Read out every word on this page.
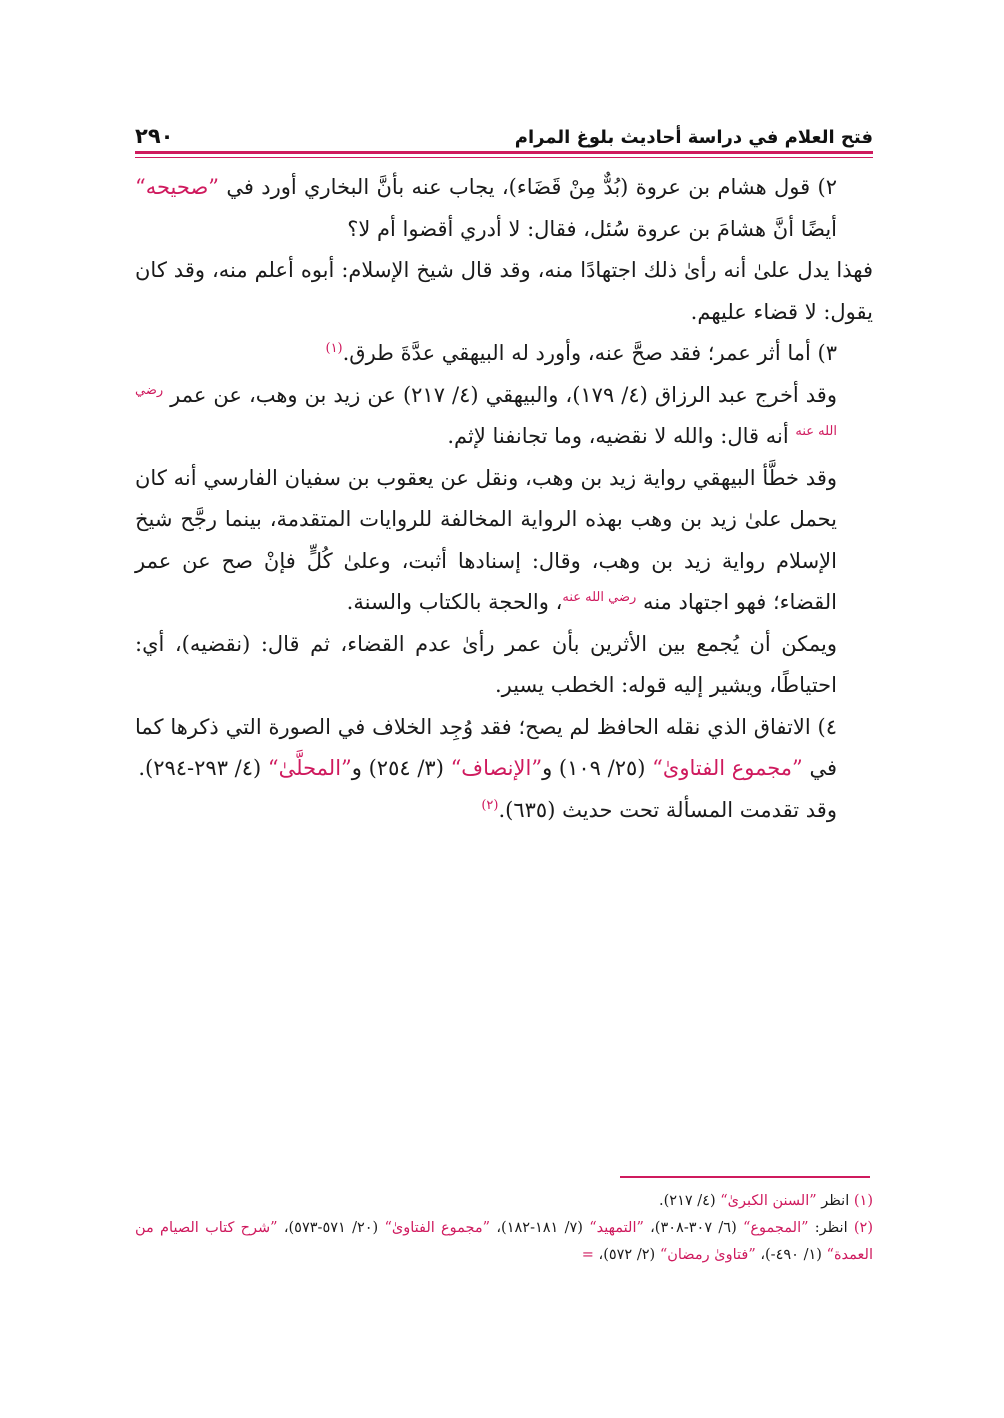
فتح العلام في دراسة أحاديث بلوغ المرام
٢٩٠

٢) قول هشام بن عروة (بُدٌّ مِنْ قَضَاء)، يجاب عنه بأنَّ البخاري أورد في ”صحيحه“ أيضًا أنَّ هشامَ بن عروة سُئل، فقال: لا أدري أقضوا أم لا؟

فهذا يدل علىٰ أنه رأىٰ ذلك اجتهادًا منه، وقد قال شيخ الإسلام: أبوه أعلم منه، وقد كان يقول: لا قضاء عليهم.

٣) أما أثر عمر؛ فقد صحَّ عنه، وأورد له البيهقي عدَّةَ طرق.$^{(١)}$

وقد أخرج عبد الرزاق (٤/ ١٧٩)، والبيهقي (٤/ ٢١٧) عن زيد بن وهب، عن عمر $^{رضي الله عنه}$ أنه قال: والله لا نقضيه، وما تجانفنا لإثم.

وقد خطَّأ البيهقي رواية زيد بن وهب، ونقل عن يعقوب بن سفيان الفارسي أنه كان يحمل علىٰ زيد بن وهب بهذه الرواية المخالفة للروايات المتقدمة، بينما رجَّح شيخ الإسلام رواية زيد بن وهب، وقال: إسنادها أثبت، وعلىٰ كُلٍّ فإنْ صح عن عمر القضاء؛ فهو اجتهاد منه $^{رضي الله عنه}$، والحجة بالكتاب والسنة.

ويمكن أن يُجمع بين الأثرين بأن عمر رأىٰ عدم القضاء، ثم قال: (نقضيه)، أي: احتياطًا، ويشير إليه قوله: الخطب يسير.

٤) الاتفاق الذي نقله الحافظ لم يصح؛ فقد وُجِد الخلاف في الصورة التي ذكرها كما في ”مجموع الفتاوىٰ“ (٢٥/ ١٠٩) و”الإنصاف“ (٣/ ٢٥٤) و”المحلَّىٰ“ (٤/ ٢٩٣-٢٩٤).

وقد تقدمت المسألة تحت حديث (٦٣٥).$^{(٢)}$

(١) انظر ”السنن الكبرىٰ“ (٤/ ٢١٧).

(٢) انظر: ”المجموع“ (٦/ ٣٠٧-٣٠٨)، ”التمهيد“ (٧/ ١٨١-١٨٢)، ”مجموع الفتاوىٰ“ (٢٠/ ٥٧١-٥٧٣)، ”شرح كتاب الصيام من العمدة“ (١/ ٤٩٠-)، ”فتاوىٰ رمضان“ (٢/ ٥٧٢)، =
